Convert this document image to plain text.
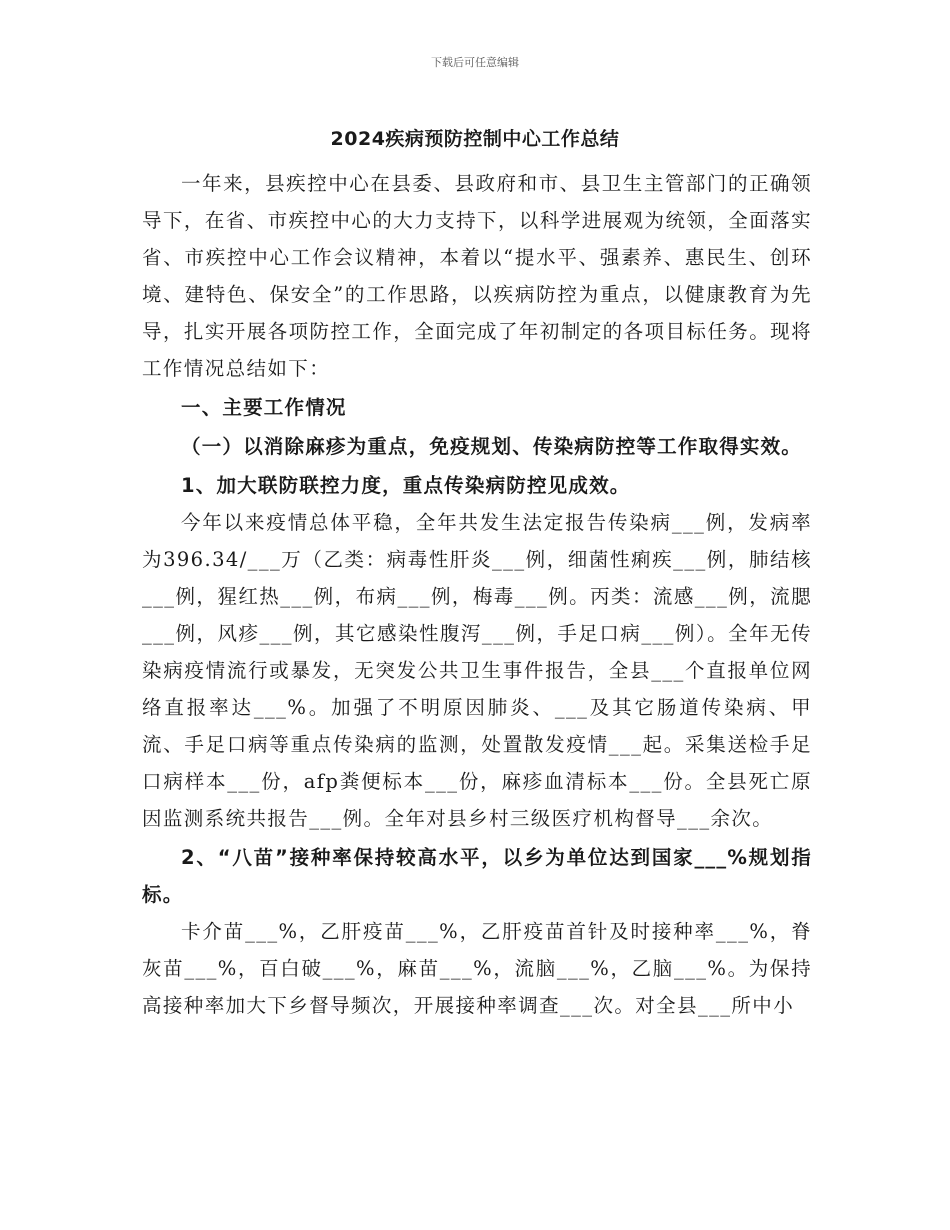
下载后可任意编辑
2024疾病预防控制中心工作总结

一年来，县疾控中心在县委、县政府和市、县卫生主管部门的正确领导下，在省、市疾控中心的大力支持下，以科学进展观为统领，全面落实省、市疾控中心工作会议精神，本着以“提水平、强素养、惠民生、创环境、建特色、保安全”的工作思路，以疾病防控为重点，以健康教育为先导，扎实开展各项防控工作，全面完成了年初制定的各项目标任务。现将工作情况总结如下：

一、主要工作情况

（一）以消除麻疹为重点，免疫规划、传染病防控等工作取得实效。

1、加大联防联控力度，重点传染病防控见成效。

今年以来疫情总体平稳，全年共发生法定报告传染病___例，发病率为396.34/___万（乙类：病毒性肝炎___例，细菌性痢疾___例，肺结核___例，猩红热___例，布病___例，梅毒___例。丙类：流感___例，流腮___例，风疹___例，其它感染性腹泻___例，手足口病___例）。全年无传染病疫情流行或暴发，无突发公共卫生事件报告，全县___个直报单位网络直报率达___%。加强了不明原因肺炎、___及其它肠道传染病、甲流、手足口病等重点传染病的监测，处置散发疫情___起。采集送检手足口病样本___份，afp粪便标本___份，麻疹血清标本___份。全县死亡原因监测系统共报告___例。全年对县乡村三级医疗机构督导___余次。

2、“八苗”接种率保持较高水平，以乡为单位达到国家___%规划指标。

卡介苗___%，乙肝疫苗___%，乙肝疫苗首针及时接种率___%，脊灰苗___%，百白破___%，麻苗___%，流脑___%，乙脑___%。为保持高接种率加大下乡督导频次，开展接种率调查___次。对全县___所中小
